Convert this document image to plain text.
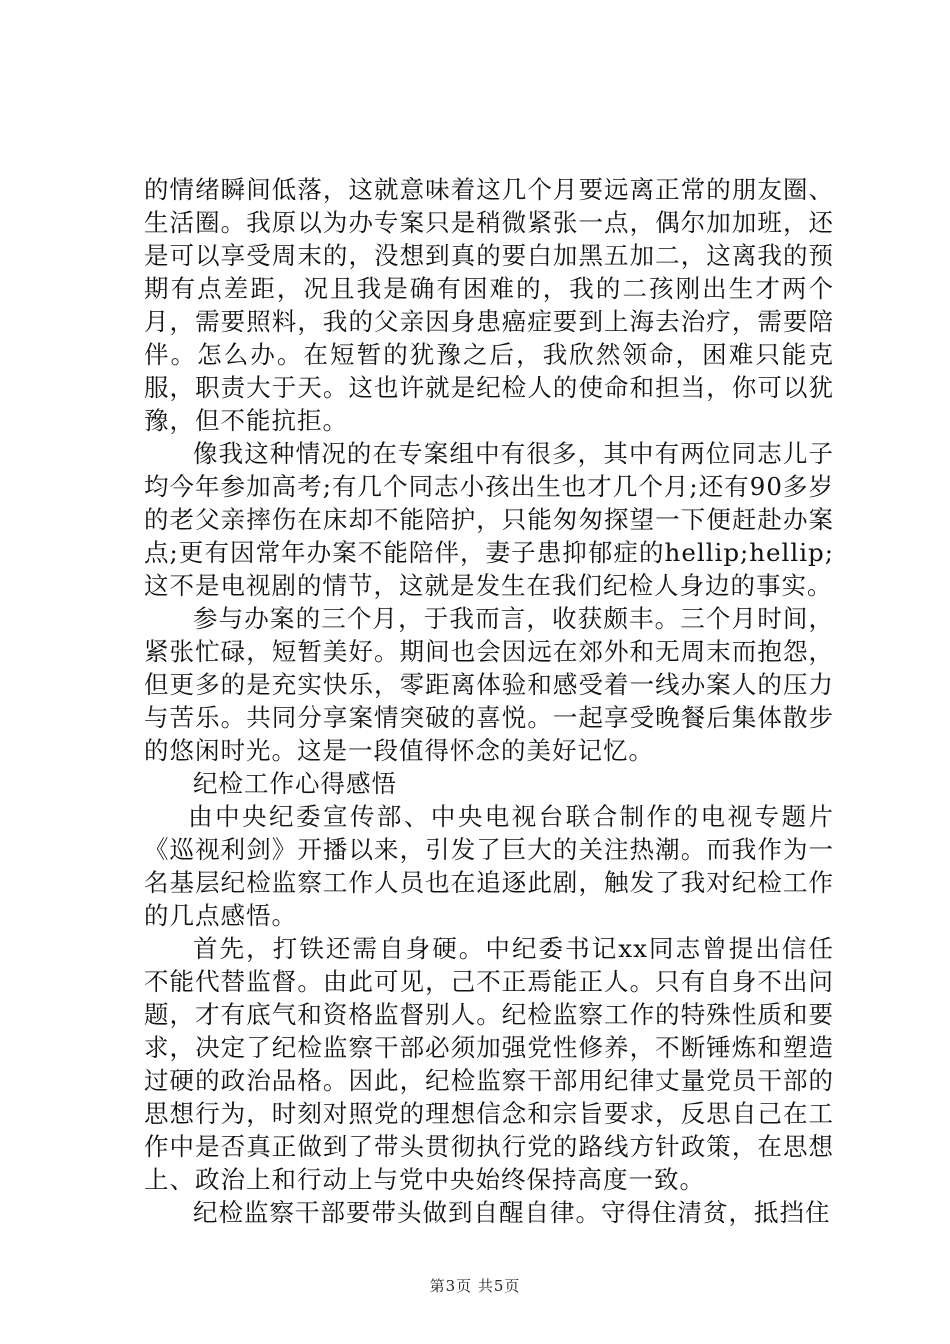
的情绪瞬间低落，这就意味着这几个月要远离正常的朋友圈、生活圈。我原以为办专案只是稍微紧张一点，偶尔加加班，还是可以享受周末的，没想到真的要白加黑五加二，这离我的预期有点差距，况且我是确有困难的，我的二孩刚出生才两个月，需要照料，我的父亲因身患癌症要到上海去治疗，需要陪伴。怎么办。在短暂的犹豫之后，我欣然领命，困难只能克服，职责大于天。这也许就是纪检人的使命和担当，你可以犹豫，但不能抗拒。

像我这种情况的在专案组中有很多，其中有两位同志儿子均今年参加高考;有几个同志小孩出生也才几个月;还有90多岁的老父亲摔伤在床却不能陪护，只能匆匆探望一下便赶赴办案点;更有因常年办案不能陪伴，妻子患抑郁症的hellip;hellip;这不是电视剧的情节，这就是发生在我们纪检人身边的事实。

参与办案的三个月，于我而言，收获颇丰。三个月时间，紧张忙碌，短暂美好。期间也会因远在郊外和无周末而抱怨，但更多的是充实快乐，零距离体验和感受着一线办案人的压力与苦乐。共同分享案情突破的喜悦。一起享受晚餐后集体散步的悠闲时光。这是一段值得怀念的美好记忆。

纪检工作心得感悟

由中央纪委宣传部、中央电视台联合制作的电视专题片《巡视利剑》开播以来，引发了巨大的关注热潮。而我作为一名基层纪检监察工作人员也在追逐此剧，触发了我对纪检工作的几点感悟。

首先，打铁还需自身硬。中纪委书记xx同志曾提出信任不能代替监督。由此可见，己不正焉能正人。只有自身不出问题，才有底气和资格监督别人。纪检监察工作的特殊性质和要求，决定了纪检监察干部必须加强党性修养，不断锤炼和塑造过硬的政治品格。因此，纪检监察干部用纪律丈量党员干部的思想行为，时刻对照党的理想信念和宗旨要求，反思自己在工作中是否真正做到了带头贯彻执行党的路线方针政策，在思想上、政治上和行动上与党中央始终保持高度一致。

纪检监察干部要带头做到自醒自律。守得住清贫，抵挡住

第3页 共5页
